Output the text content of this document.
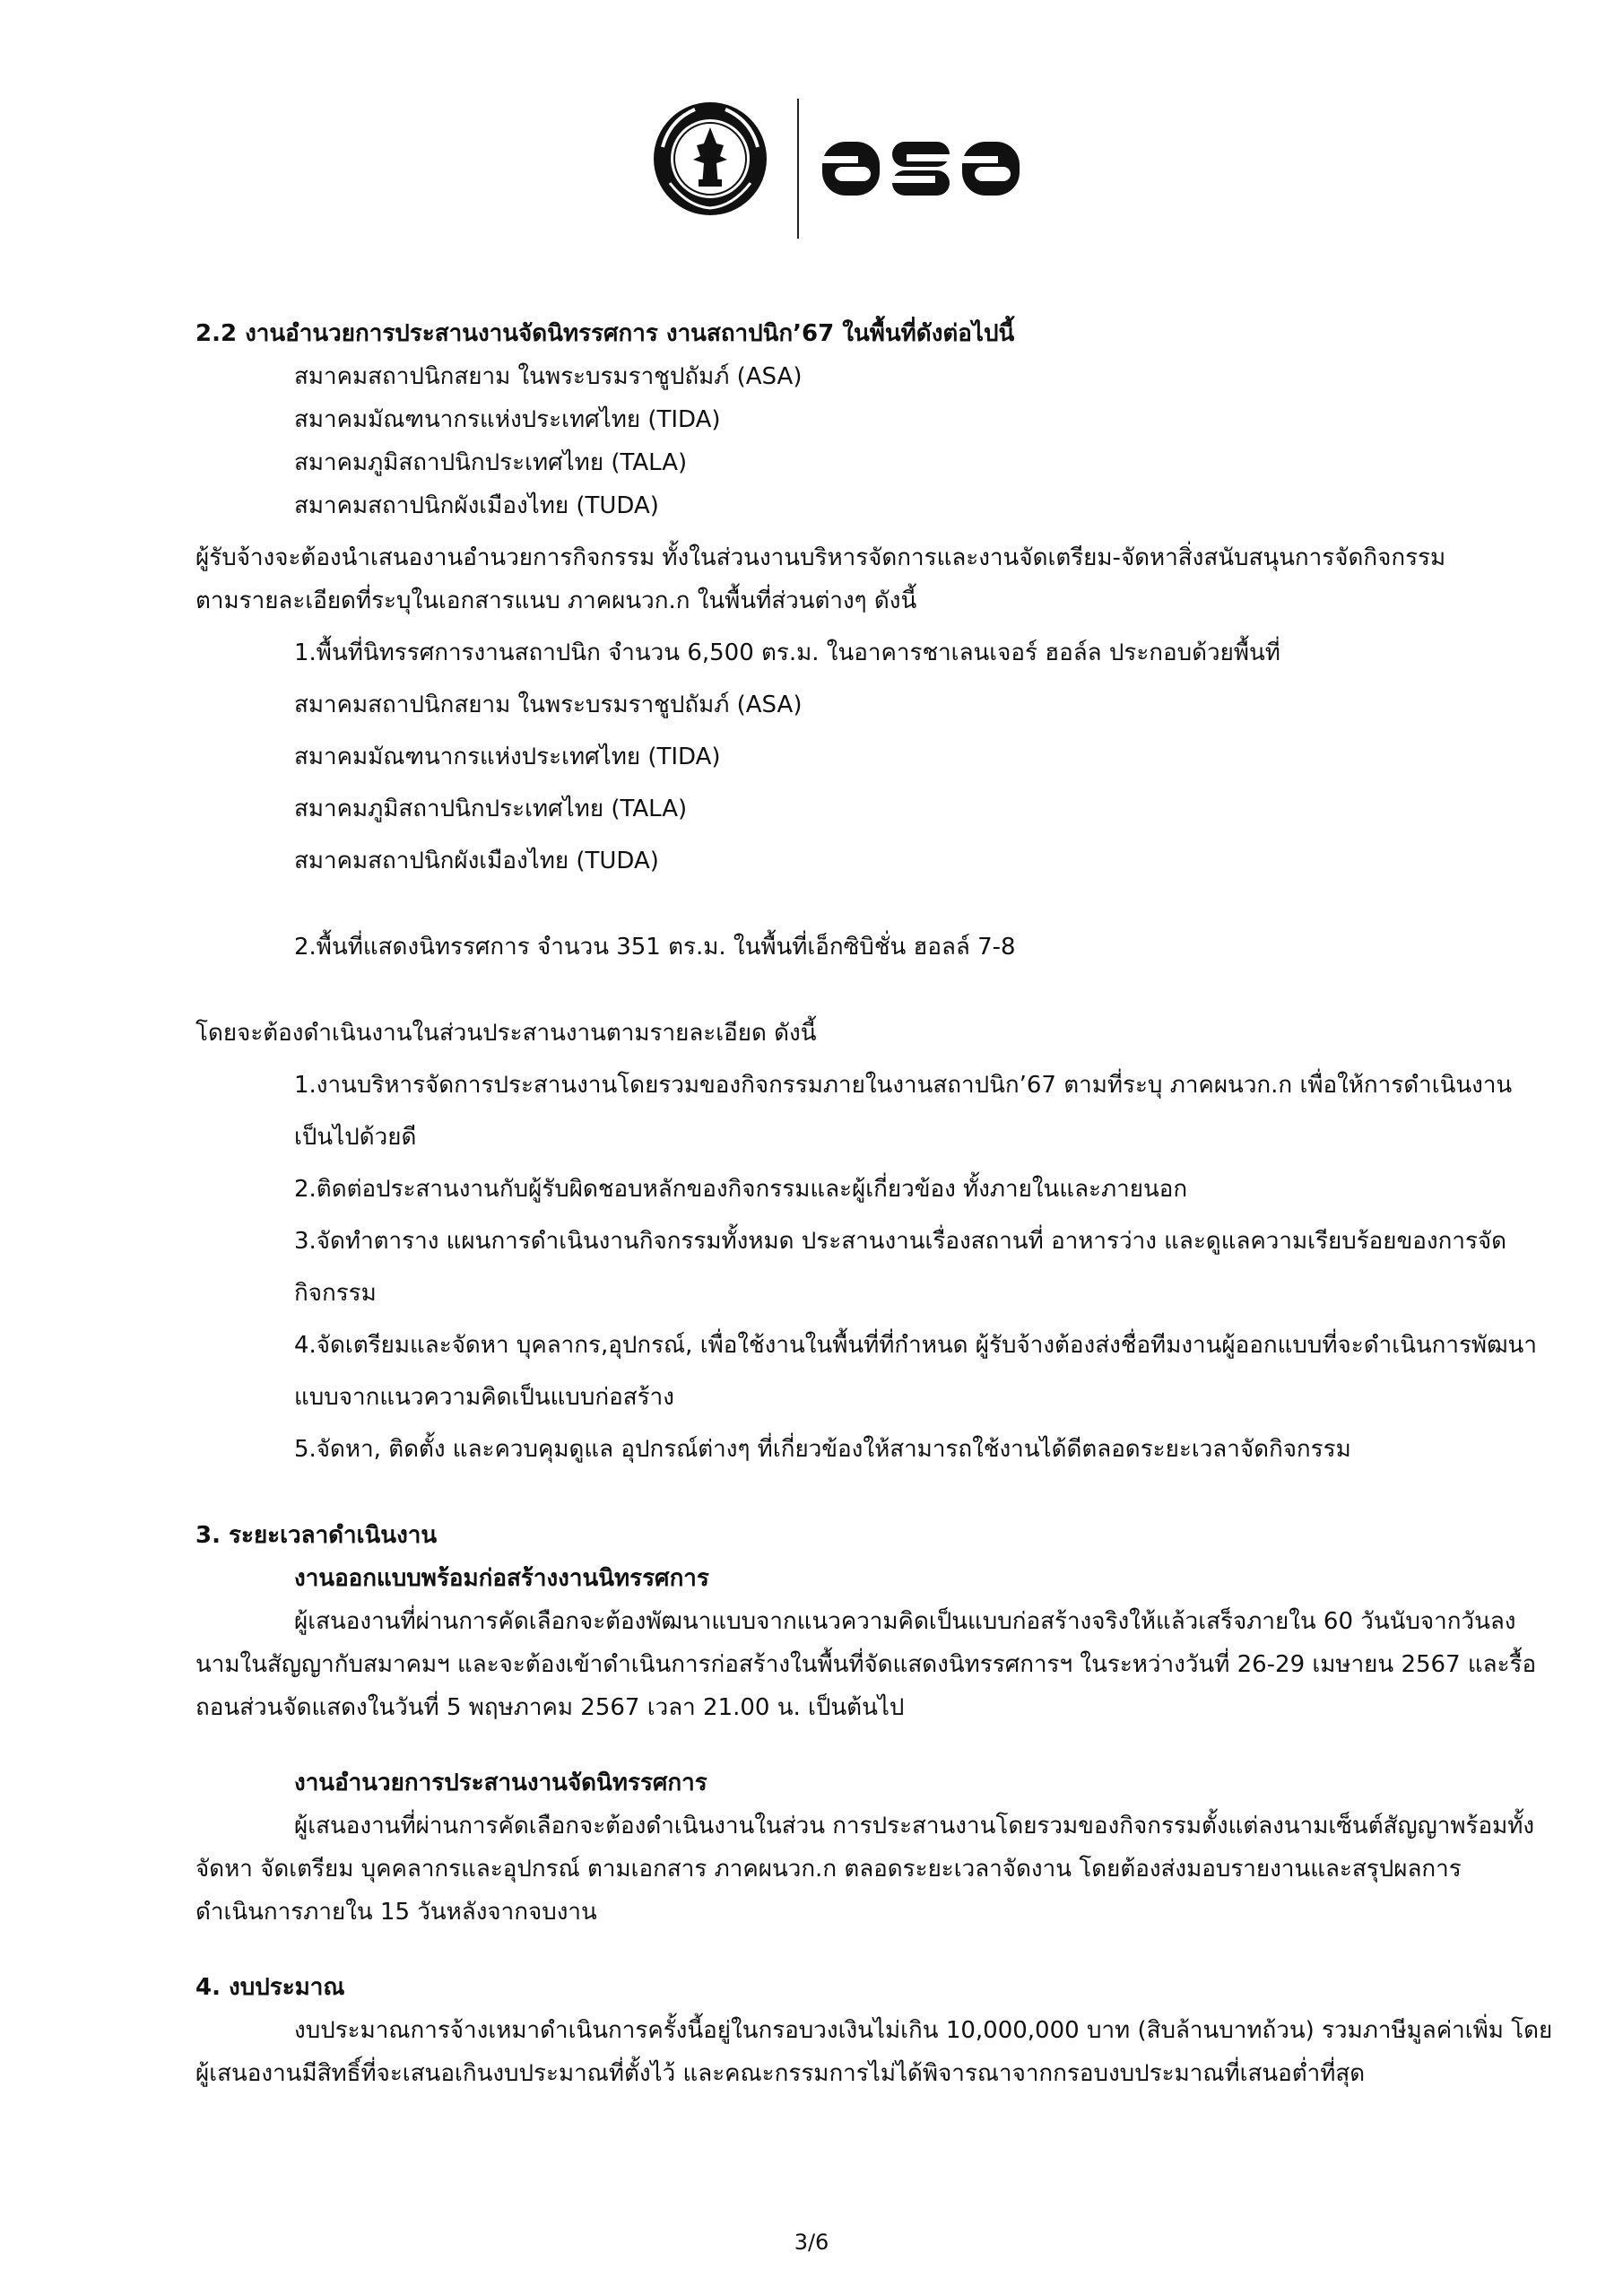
2.2 งานอำนวยการประสานงานจัดนิทรรศการ งานสถาปนิก’67 ในพื้นที่ดังต่อไปนี้
สมาคมสถาปนิกสยาม ในพระบรมราชูปถัมภ์ (ASA)
สมาคมมัณฑนากรแห่งประเทศไทย (TIDA)
สมาคมภูมิสถาปนิกประเทศไทย (TALA)
สมาคมสถาปนิกผังเมืองไทย (TUDA)
ผู้รับจ้างจะต้องนำเสนองานอำนวยการกิจกรรม ทั้งในส่วนงานบริหารจัดการและงานจัดเตรียม-จัดหาสิ่งสนับสนุนการจัดกิจกรรม
ตามรายละเอียดที่ระบุในเอกสารแนบ ภาคผนวก.ก ในพื้นที่ส่วนต่างๆ ดังนี้
1.พื้นที่นิทรรศการงานสถาปนิก จำนวน 6,500 ตร.ม. ในอาคารชาเลนเจอร์ ฮอล์ล ประกอบด้วยพื้นที่
สมาคมสถาปนิกสยาม ในพระบรมราชูปถัมภ์ (ASA)
สมาคมมัณฑนากรแห่งประเทศไทย (TIDA)
สมาคมภูมิสถาปนิกประเทศไทย (TALA)
สมาคมสถาปนิกผังเมืองไทย (TUDA)
2.พื้นที่แสดงนิทรรศการ จำนวน 351 ตร.ม. ในพื้นที่เอ็กซิบิชั่น ฮอลล์ 7-8
โดยจะต้องดำเนินงานในส่วนประสานงานตามรายละเอียด ดังนี้
1.งานบริหารจัดการประสานงานโดยรวมของกิจกรรมภายในงานสถาปนิก’67 ตามที่ระบุ ภาคผนวก.ก เพื่อให้การดำเนินงาน
เป็นไปด้วยดี
2.ติดต่อประสานงานกับผู้รับผิดชอบหลักของกิจกรรมและผู้เกี่ยวข้อง ทั้งภายในและภายนอก
3.จัดทำตาราง แผนการดำเนินงานกิจกรรมทั้งหมด ประสานงานเรื่องสถานที่ อาหารว่าง และดูแลความเรียบร้อยของการจัด
กิจกรรม
4.จัดเตรียมและจัดหา บุคลากร,อุปกรณ์, เพื่อใช้งานในพื้นที่ที่กำหนด ผู้รับจ้างต้องส่งชื่อทีมงานผู้ออกแบบที่จะดำเนินการพัฒนา
แบบจากแนวความคิดเป็นแบบก่อสร้าง
5.จัดหา, ติดตั้ง และควบคุมดูแล อุปกรณ์ต่างๆ ที่เกี่ยวข้องให้สามารถใช้งานได้ดีตลอดระยะเวลาจัดกิจกรรม
3. ระยะเวลาดำเนินงาน
งานออกแบบพร้อมก่อสร้างงานนิทรรศการ
ผู้เสนองานที่ผ่านการคัดเลือกจะต้องพัฒนาแบบจากแนวความคิดเป็นแบบก่อสร้างจริงให้แล้วเสร็จภายใน 60 วันนับจากวันลง
นามในสัญญากับสมาคมฯ และจะต้องเข้าดำเนินการก่อสร้างในพื้นที่จัดแสดงนิทรรศการฯ ในระหว่างวันที่ 26-29 เมษายน 2567 และรื้อ
ถอนส่วนจัดแสดงในวันที่ 5 พฤษภาคม 2567 เวลา 21.00 น. เป็นต้นไป
งานอำนวยการประสานงานจัดนิทรรศการ
ผู้เสนองานที่ผ่านการคัดเลือกจะต้องดำเนินงานในส่วน การประสานงานโดยรวมของกิจกรรมตั้งแต่ลงนามเซ็นต์สัญญาพร้อมทั้ง
จัดหา จัดเตรียม บุคคลากรและอุปกรณ์ ตามเอกสาร ภาคผนวก.ก ตลอดระยะเวลาจัดงาน โดยต้องส่งมอบรายงานและสรุปผลการ
ดำเนินการภายใน 15 วันหลังจากจบงาน
4. งบประมาณ
งบประมาณการจ้างเหมาดำเนินการครั้งนี้อยู่ในกรอบวงเงินไม่เกิน 10,000,000 บาท (สิบล้านบาทถ้วน) รวมภาษีมูลค่าเพิ่ม โดย
ผู้เสนองานมีสิทธิ์ที่จะเสนอเกินงบประมาณที่ตั้งไว้ และคณะกรรมการไม่ได้พิจารณาจากกรอบงบประมาณที่เสนอต่ำที่สุด
3/6
